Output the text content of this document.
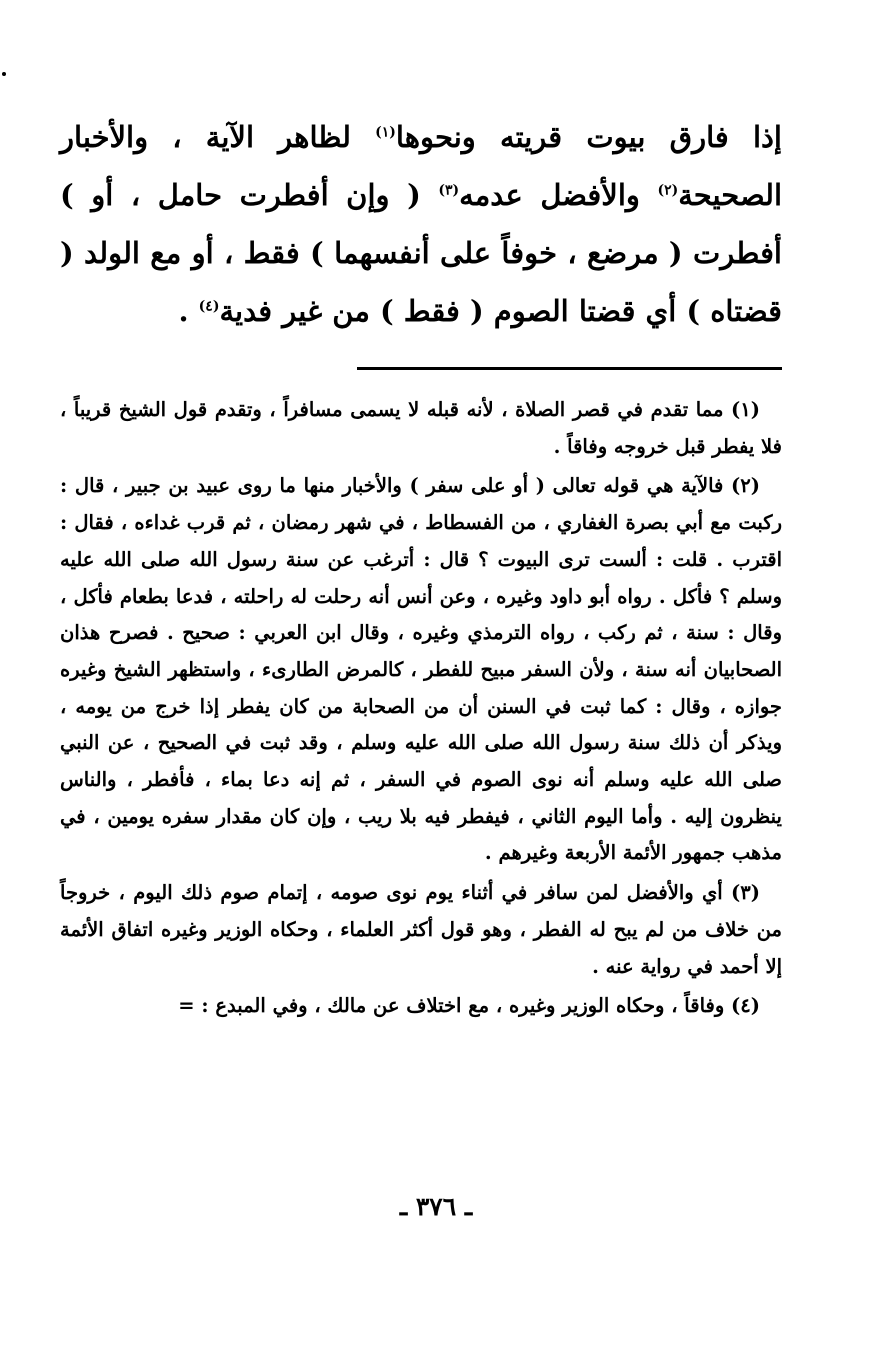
إذا فارق بيوت قريته ونحوها$^{(١)}$ لظاهر الآية ، والأخبار الصحيحة$^{(٢)}$ والأفضل عدمه$^{(٣)}$ ( وإن أفطرت حامل ، أو ) أفطرت ( مرضع ، خوفاً على أنفسهما ) فقط ، أو مع الولد ( قضتاه ) أي قضتا الصوم ( فقط ) من غير فدية$^{(٤)}$ .

(١) مما تقدم في قصر الصلاة ، لأنه قبله لا يسمى مسافراً ، وتقدم قول الشيخ قريباً ، فلا يفطر قبل خروجه وفاقاً .

(٢) فالآية هي قوله تعالى ( أو على سفر ) والأخبار منها ما روى عبيد بن جبير ، قال : ركبت مع أبي بصرة الغفاري ، من الفسطاط ، في شهر رمضان ، ثم قرب غداءه ، فقال : اقترب . قلت : ألست ترى البيوت ؟ قال : أترغب عن سنة رسول الله صلى الله عليه وسلم ؟ فأكل . رواه أبو داود وغيره ، وعن أنس أنه رحلت له راحلته ، فدعا بطعام فأكل ، وقال : سنة ، ثم ركب ، رواه الترمذي وغيره ، وقال ابن العربي : صحيح . فصرح هذان الصحابيان أنه سنة ، ولأن السفر مبيح للفطر ، كالمرض الطارىء ، واستظهر الشيخ وغيره جوازه ، وقال : كما ثبت في السنن أن من الصحابة من كان يفطر إذا خرج من يومه ، ويذكر أن ذلك سنة رسول الله صلى الله عليه وسلم ، وقد ثبت في الصحيح ، عن النبي صلى الله عليه وسلم أنه نوى الصوم في السفر ، ثم إنه دعا بماء ، فأفطر ، والناس ينظرون إليه . وأما اليوم الثاني ، فيفطر فيه بلا ريب ، وإن كان مقدار سفره يومين ، في مذهب جمهور الأئمة الأربعة وغيرهم .

(٣) أي والأفضل لمن سافر في أثناء يوم نوى صومه ، إتمام صوم ذلك اليوم ، خروجاً من خلاف من لم يبح له الفطر ، وهو قول أكثر العلماء ، وحكاه الوزير وغيره اتفاق الأئمة إلا أحمد في رواية عنه .

(٤) وفاقاً ، وحكاه الوزير وغيره ، مع اختلاف عن مالك ، وفي المبدع : =

ـ ٣٧٦ ـ
